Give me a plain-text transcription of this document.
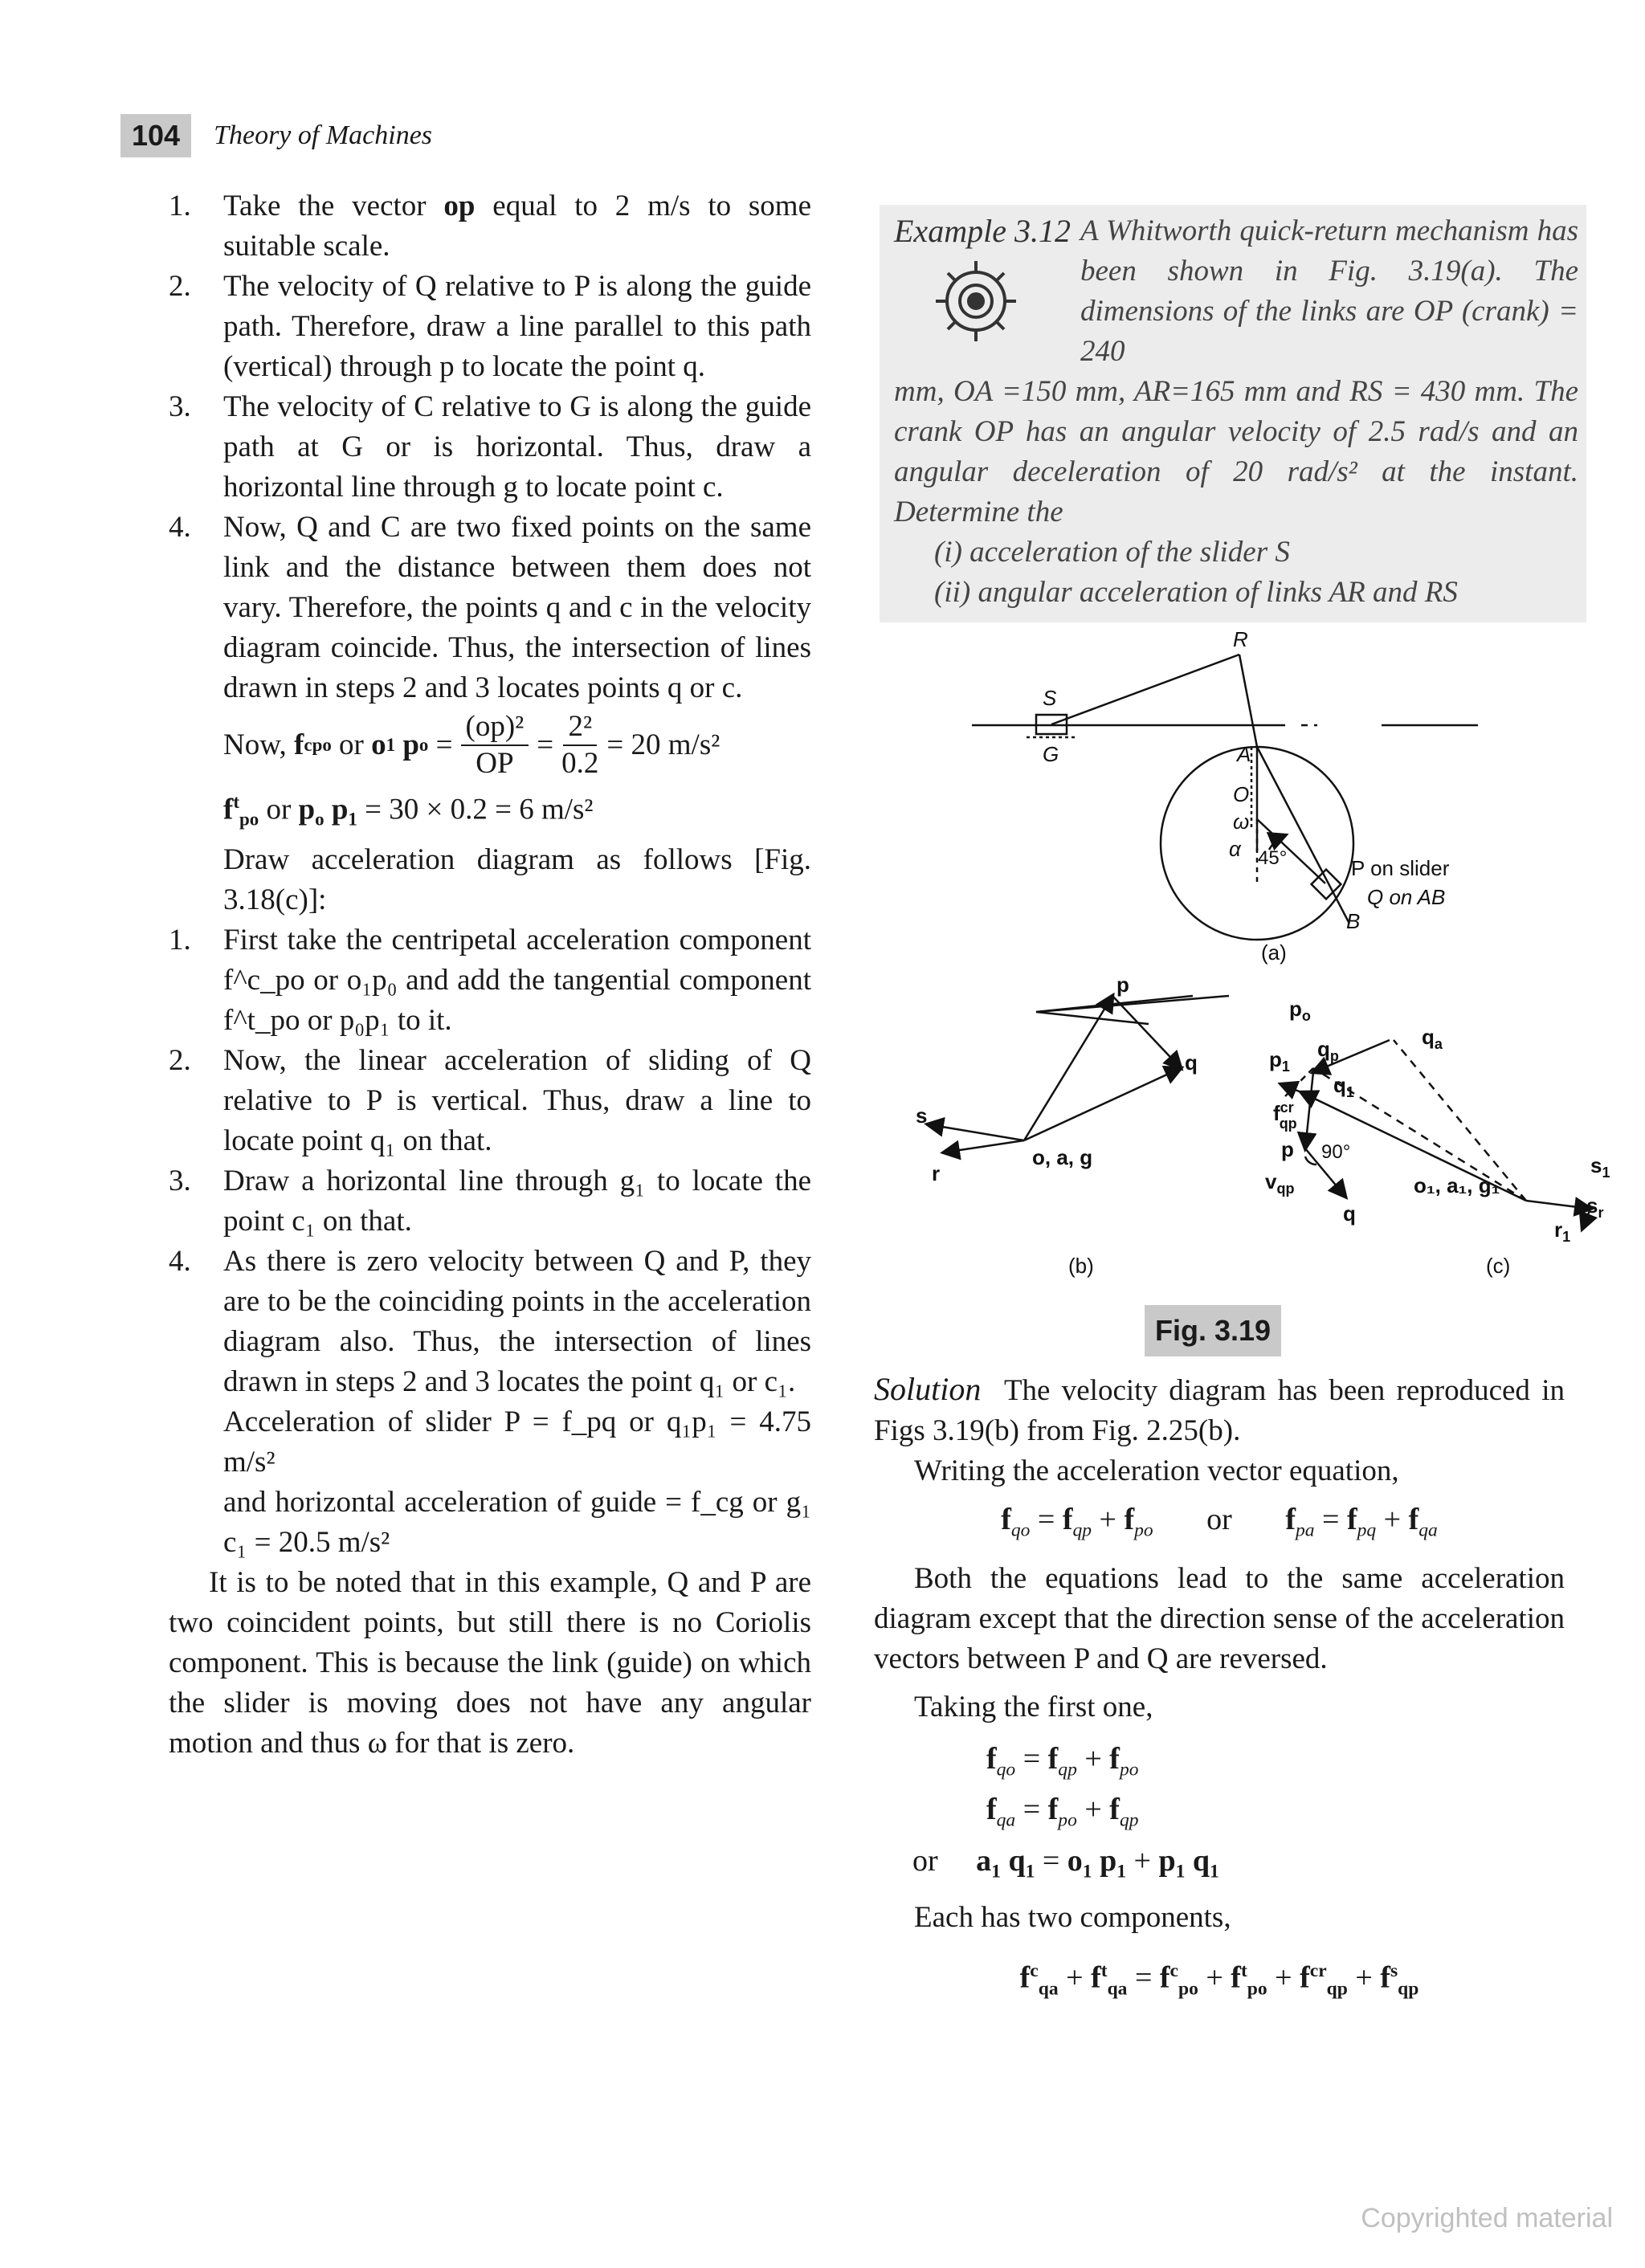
104	Theory of Machines
1. Take the vector op equal to 2 m/s to some suitable scale.
2. The velocity of Q relative to P is along the guide path. Therefore, draw a line parallel to this path (vertical) through p to locate the point q.
3. The velocity of C relative to G is along the guide path at G or is horizontal. Thus, draw a horizontal line through g to locate point c.
4. Now, Q and C are two fixed points on the same link and the distance between them does not vary. Therefore, the points q and c in the velocity diagram coincide. Thus, the intersection of lines drawn in steps 2 and 3 locates points q or c.
Now,
f c po or o 1
p $o = \frac{\text{(op)²}}{OP} = \frac{\text{2²}}{0.2} = 20$ m/s²
$f^t_{po}$ or $p_o$ $p_1 = 30 \times 0.2 = 6$ m/s²
Draw acceleration diagram as follows [Fig. 3.18(c)]:
1. First take the centripetal acceleration component f^c_po or o₁p₀ and add the tangential component f^t_po or p₀p₁ to it.
2. Now, the linear acceleration of sliding of Q relative to P is vertical. Thus, draw a line to locate point q₁ on that.
3. Draw a horizontal line through g₁ to locate the point c₁ on that.
4. As there is zero velocity between Q and P, they are to be the coinciding points in the acceleration diagram also. Thus, the intersection of lines drawn in steps 2 and 3 locates the point q₁ or c₁.
Acceleration of slider P = f_pq or q₁p₁ = 4.75 m/s²
and horizontal acceleration of guide = f_cg or g₁ c₁ = 20.5 m/s²
It is to be noted that in this example, Q and P are two coincident points, but still there is no Coriolis component. This is because the link (guide) on which the slider is moving does not have any angular motion and thus ω for that is zero.
Example 3.12 A Whitworth quick-return mechanism has been shown in Fig. 3.19(a). The dimensions of the links are OP (crank) = 240
mm, OA =150 mm, AR=165 mm and RS = 430 mm. The crank OP has an angular velocity of 2.5 rad/s and an angular deceleration of 20 rad/s² at the instant. Determine the
(i) acceleration of the slider S
(ii) angular acceleration of links AR and RS
R
S
G	A
O
ω
α 45°	P on slider
Q on AB
B
(a)
p
q
s
r
o, a, g
(b)
$p_o$
$q_p$
$q_a$
$p_1$
$q_1$
$f^{cr}$ qp
p 90°
$v_{qp}$
q
o₁, a₁, g₁
$s_1$
$s_r$
$r_1$
(c)
Fig. 3.19
Solution The velocity diagram has been reproduced in Figs 3.19(b) from Fig. 2.25(b).
Writing the acceleration vector equation,
$f_{qo} = f_{qp} + f_{po}$ or $f_{pa} = f_{pq} + f_{qa}$
Both the equations lead to the same acceleration diagram except that the direction sense of the acceleration vectors between P and Q are reversed.
Taking the first one,
$f_{qo} = f_{qp} + f_{po}$
$f_{qa} = f_{po} + f_{qp}$
or $a_1$ $q_1 = o_1$ $p_1 + p_1$ $q_1$
Each has two components,
$f^c_{qa} + f^t_{qa} = f^c_{po} + f^t_{po} + f^{cr}_{qp} + f^s_{qp}$
Copyrighted material
